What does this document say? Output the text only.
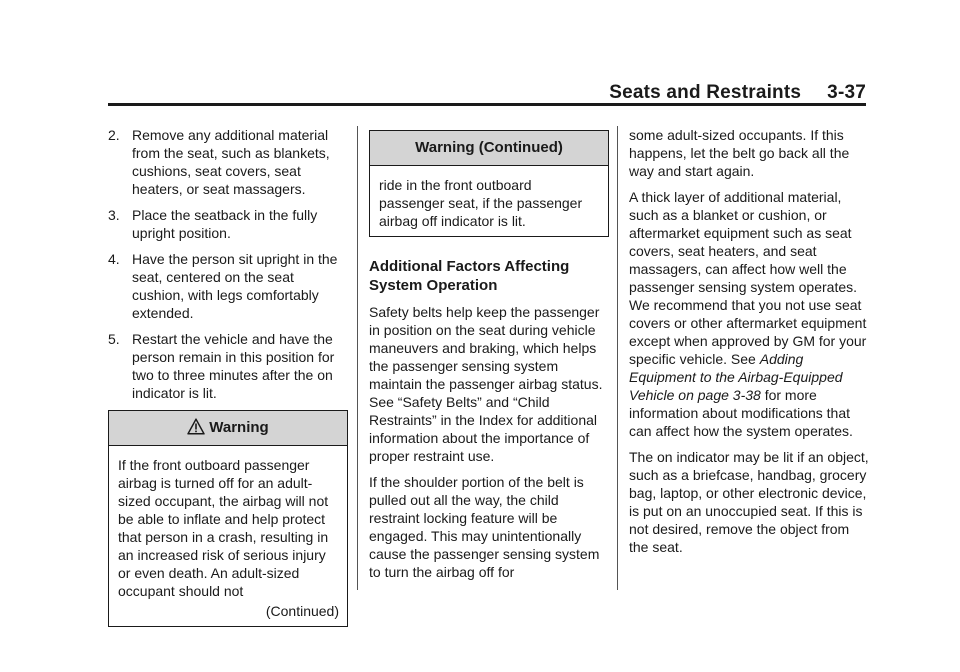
Seats and Restraints 3-37
2. Remove any additional material from the seat, such as blankets, cushions, seat covers, seat heaters, or seat massagers.
3. Place the seatback in the fully upright position.
4. Have the person sit upright in the seat, centered on the seat cushion, with legs comfortably extended.
5. Restart the vehicle and have the person remain in this position for two to three minutes after the on indicator is lit.
Warning

If the front outboard passenger airbag is turned off for an adult-sized occupant, the airbag will not be able to inflate and help protect that person in a crash, resulting in an increased risk of serious injury or even death. An adult-sized occupant should not

(Continued)
Warning (Continued)

ride in the front outboard passenger seat, if the passenger airbag off indicator is lit.

Additional Factors Affecting System Operation

Safety belts help keep the passenger in position on the seat during vehicle maneuvers and braking, which helps the passenger sensing system maintain the passenger airbag status. See “Safety Belts” and “Child Restraints” in the Index for additional information about the importance of proper restraint use.

If the shoulder portion of the belt is pulled out all the way, the child restraint locking feature will be engaged. This may unintentionally cause the passenger sensing system to turn the airbag off for

some adult-sized occupants. If this happens, let the belt go back all the way and start again.

A thick layer of additional material, such as a blanket or cushion, or aftermarket equipment such as seat covers, seat heaters, and seat massagers, can affect how well the passenger sensing system operates. We recommend that you not use seat covers or other aftermarket equipment except when approved by GM for your specific vehicle. See Adding Equipment to the Airbag-Equipped Vehicle on page 3-38 for more information about modifications that can affect how the system operates.

The on indicator may be lit if an object, such as a briefcase, handbag, grocery bag, laptop, or other electronic device, is put on an unoccupied seat. If this is not desired, remove the object from the seat.
